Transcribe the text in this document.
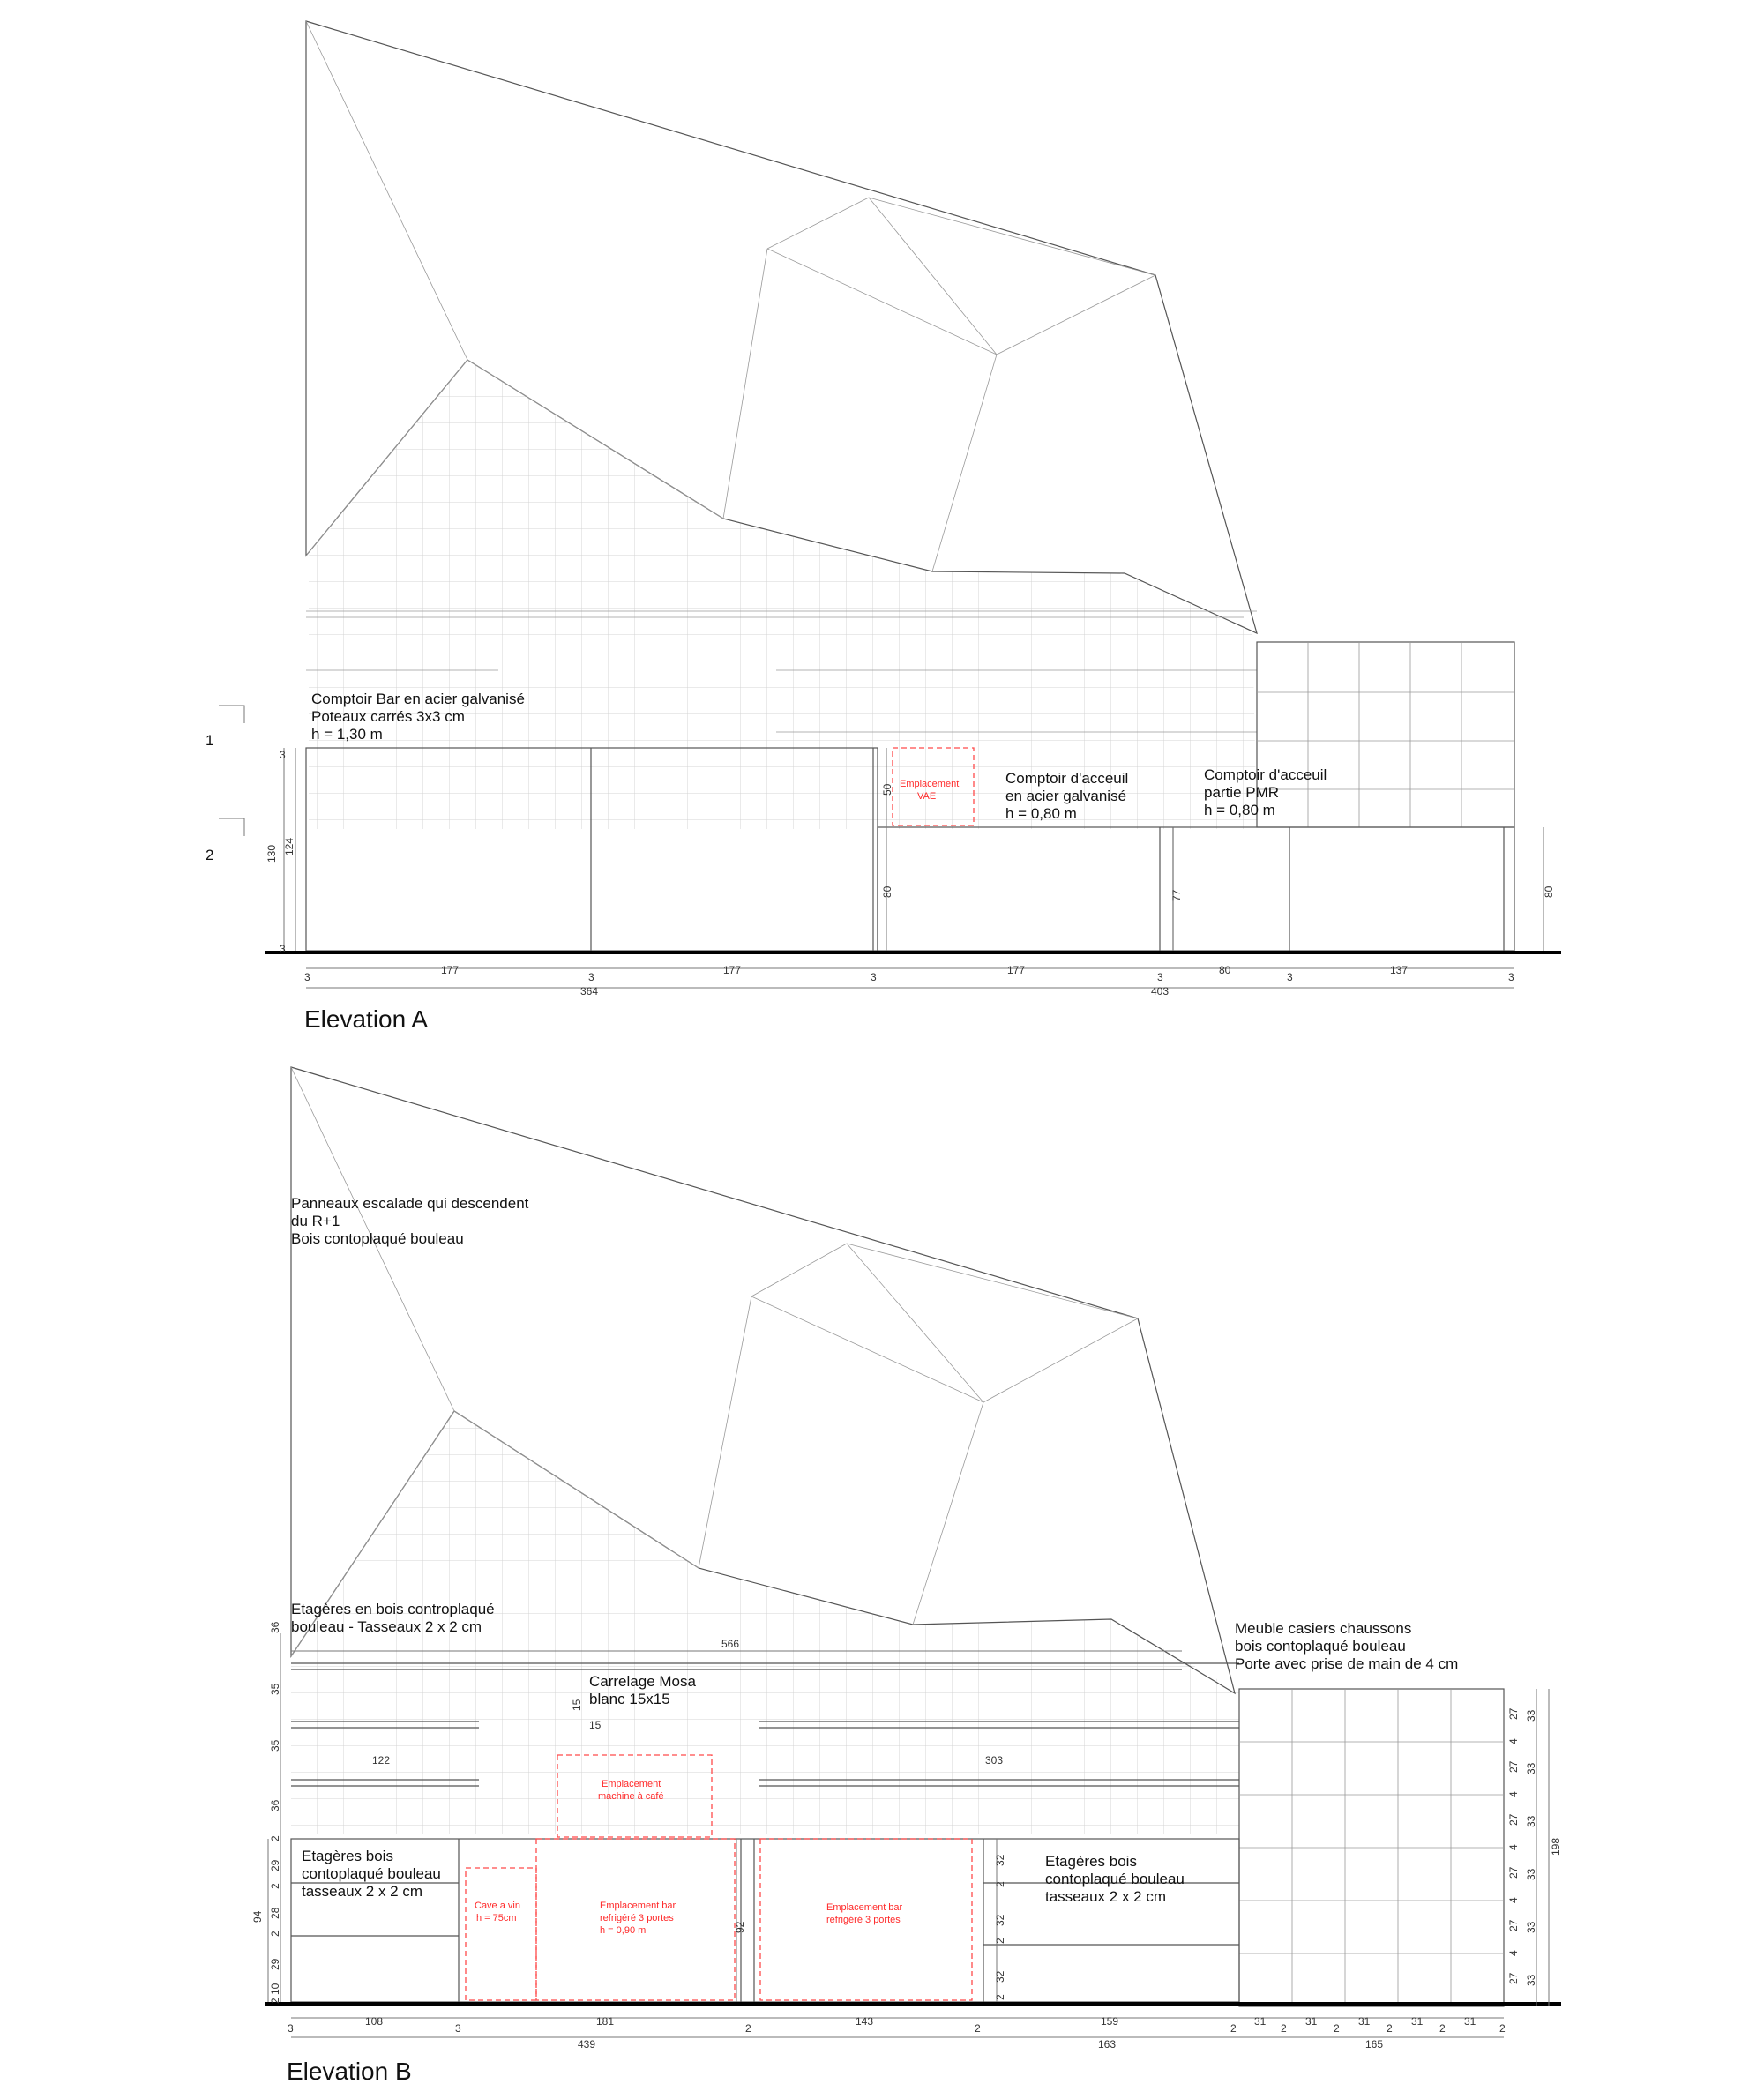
Comptoir Bar en acier galvanisé
Poteaux carrés 3x3 cm
h = 1,30 m
Comptoir d'acceuil
en acier galvanisé
h = 0,80 m
Comptoir d'acceuil
partie PMR
h = 0,80 m
Emplacement
VAE
1
2
3
130 124
3
50
80	77	80
3
177
3
177
3
177
3
80
3
137
3
364	403
Elevation A
Panneaux escalade qui descendent
du R+1
Bois contoplaqué bouleau
Etagères en bois controplaqué
bouleau - Tasseaux 2 x 2 cm
Carrelage Mosa
blanc 15x15
Meuble casiers chaussons
bois contoplaqué bouleau
Porte avec prise de main de 4 cm
Etagères bois
contoplaqué bouleau
tasseaux 2 x 2 cm
Etagères bois
contoplaqué bouleau
tasseaux 2 x 2 cm
Emplacement
machine à café
Cave a vin
h = 75cm
Emplacement bar
refrigéré 3 portes
h = 0,90 m
Emplacement bar
refrigéré 3 portes
566
122	303
15
15
36
35
35
36
2
29
2
28
2
29
10
2
94
92
32
2
32
2
32
2
27
4
27
4
27
4
27
4
27
4
27
33
33
33
33
33
33
198
3
108
3
181
2
143
2
159
2
31
2
31
2
31
2
31
2
31
2
439	163	165
Elevation B
